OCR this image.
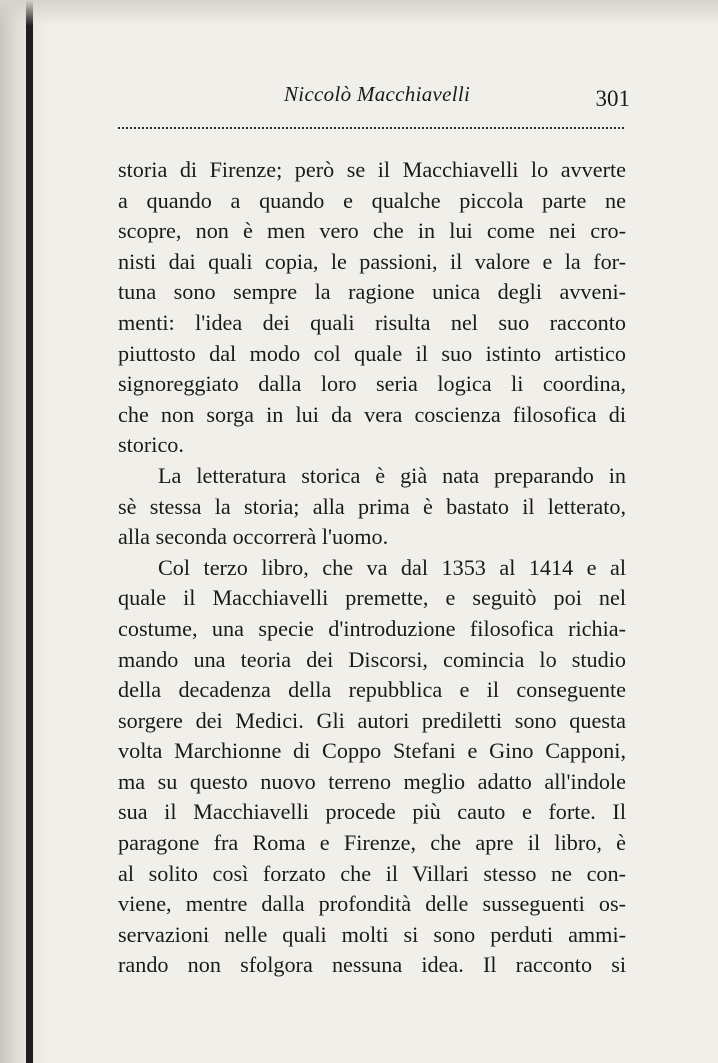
Niccolò Macchiavelli	301
storia di Firenze; però se il Macchiavelli lo avverte
a quando a quando e qualche piccola parte ne
scopre, non è men vero che in lui come nei cro-
nisti dai quali copia, le passioni, il valore e la for-
tuna sono sempre la ragione unica degli avveni-
menti: l'idea dei quali risulta nel suo racconto
piuttosto dal modo col quale il suo istinto artistico
signoreggiato dalla loro seria logica li coordina,
che non sorga in lui da vera coscienza filosofica di
storico.
La letteratura storica è già nata preparando in
sè stessa la storia; alla prima è bastato il letterato,
alla seconda occorrerà l'uomo.
Col terzo libro, che va dal 1353 al 1414 e al
quale il Macchiavelli premette, e seguitò poi nel
costume, una specie d'introduzione filosofica richia-
mando una teoria dei Discorsi, comincia lo studio
della decadenza della repubblica e il conseguente
sorgere dei Medici. Gli autori prediletti sono questa
volta Marchionne di Coppo Stefani e Gino Capponi,
ma su questo nuovo terreno meglio adatto all'indole
sua il Macchiavelli procede più cauto e forte. Il
paragone fra Roma e Firenze, che apre il libro, è
al solito così forzato che il Villari stesso ne con-
viene, mentre dalla profondità delle susseguenti os-
servazioni nelle quali molti si sono perduti ammi-
rando non sfolgora nessuna idea. Il racconto si
